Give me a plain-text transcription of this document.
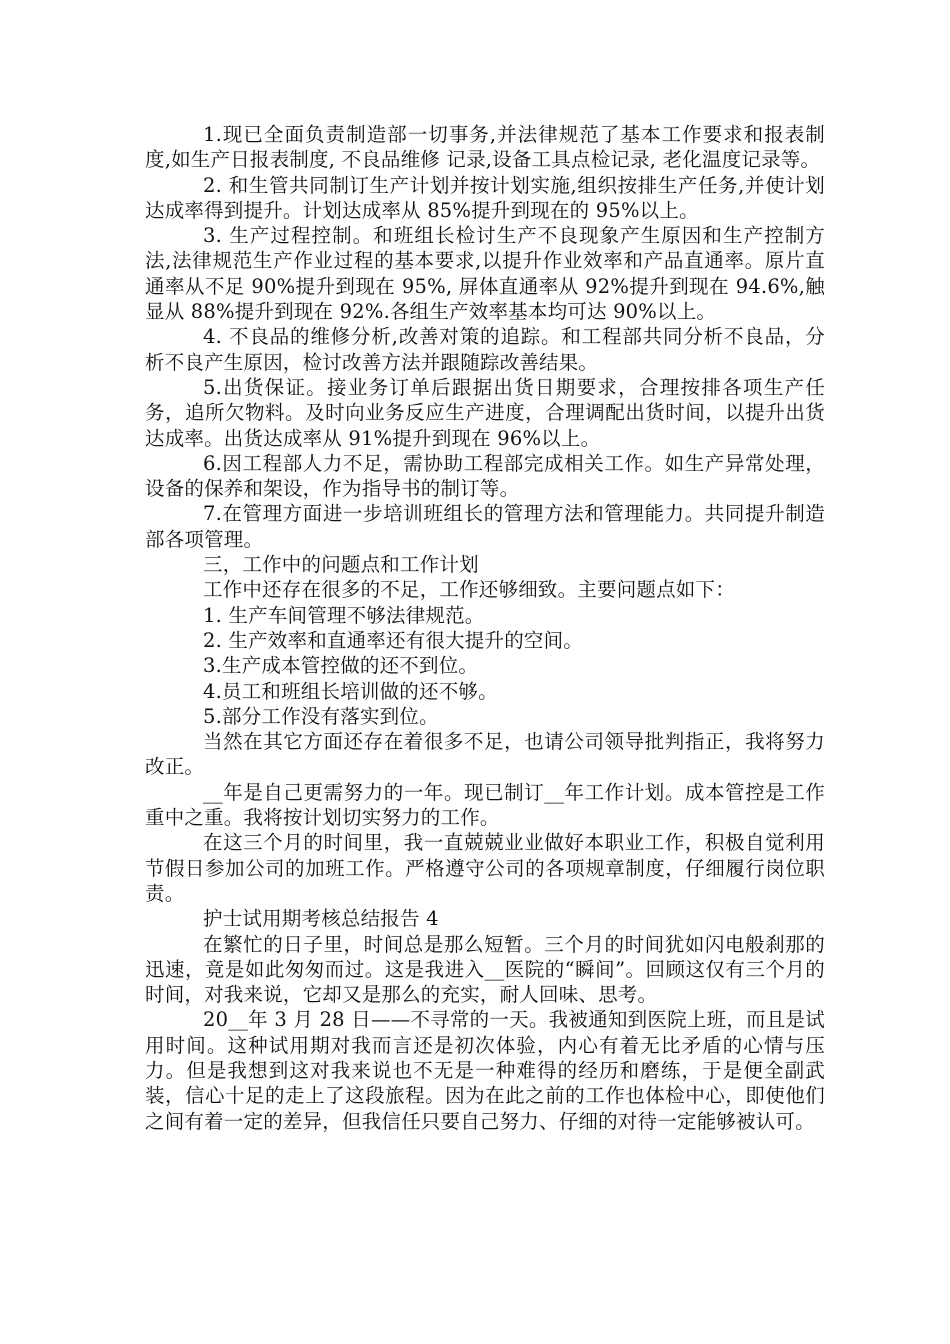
1.现已全面负责制造部一切事务,并法律规范了基本工作要求和报表制度,如生产日报表制度, 不良品维修 记录,设备工具点检记录, 老化温度记录等。

2. 和生管共同制订生产计划并按计划实施,组织按排生产任务,并使计划达成率得到提升。计划达成率从 85%提升到现在的 95%以上。

3. 生产过程控制。和班组长检讨生产不良现象产生原因和生产控制方法,法律规范生产作业过程的基本要求,以提升作业效率和产品直通率。原片直通率从不足 90%提升到现在 95%, 屏体直通率从 92%提升到现在 94.6%,触显从 88%提升到现在 92%.各组生产效率基本均可达 90%以上。

4. 不良品的维修分析,改善对策的追踪。和工程部共同分析不良品，分析不良产生原因，检讨改善方法并跟随踪改善结果。

5.出货保证。接业务订单后跟据出货日期要求，合理按排各项生产任务，追所欠物料。及时向业务反应生产进度，合理调配出货时间，以提升出货达成率。出货达成率从 91%提升到现在 96%以上。

6.因工程部人力不足，需协助工程部完成相关工作。如生产异常处理，设备的保养和架设，作为指导书的制订等。

7.在管理方面进一步培训班组长的管理方法和管理能力。共同提升制造部各项管理。

三，工作中的问题点和工作计划

工作中还存在很多的不足，工作还够细致。主要问题点如下：

1. 生产车间管理不够法律规范。

2. 生产效率和直通率还有很大提升的空间。

3.生产成本管控做的还不到位。

4.员工和班组长培训做的还不够。

5.部分工作没有落实到位。

当然在其它方面还存在着很多不足，也请公司领导批判指正，我将努力改正。

__年是自己更需努力的一年。现已制订__年工作计划。成本管控是工作重中之重。我将按计划切实努力的工作。

在这三个月的时间里，我一直兢兢业业做好本职业工作，积极自觉利用节假日参加公司的加班工作。严格遵守公司的各项规章制度，仔细履行岗位职责。

护士试用期考核总结报告 4

在繁忙的日子里，时间总是那么短暂。三个月的时间犹如闪电般刹那的迅速，竟是如此匆匆而过。这是我进入__医院的“瞬间”。回顾这仅有三个月的时间，对我来说，它却又是那么的充实，耐人回味、思考。

20__年 3 月 28 日——不寻常的一天。我被通知到医院上班，而且是试用时间。这种试用期对我而言还是初次体验，内心有着无比矛盾的心情与压力。但是我想到这对我来说也不无是一种难得的经历和磨练，于是便全副武装，信心十足的走上了这段旅程。因为在此之前的工作也体检中心，即使他们之间有着一定的差异，但我信任只要自己努力、仔细的对待一定能够被认可。
